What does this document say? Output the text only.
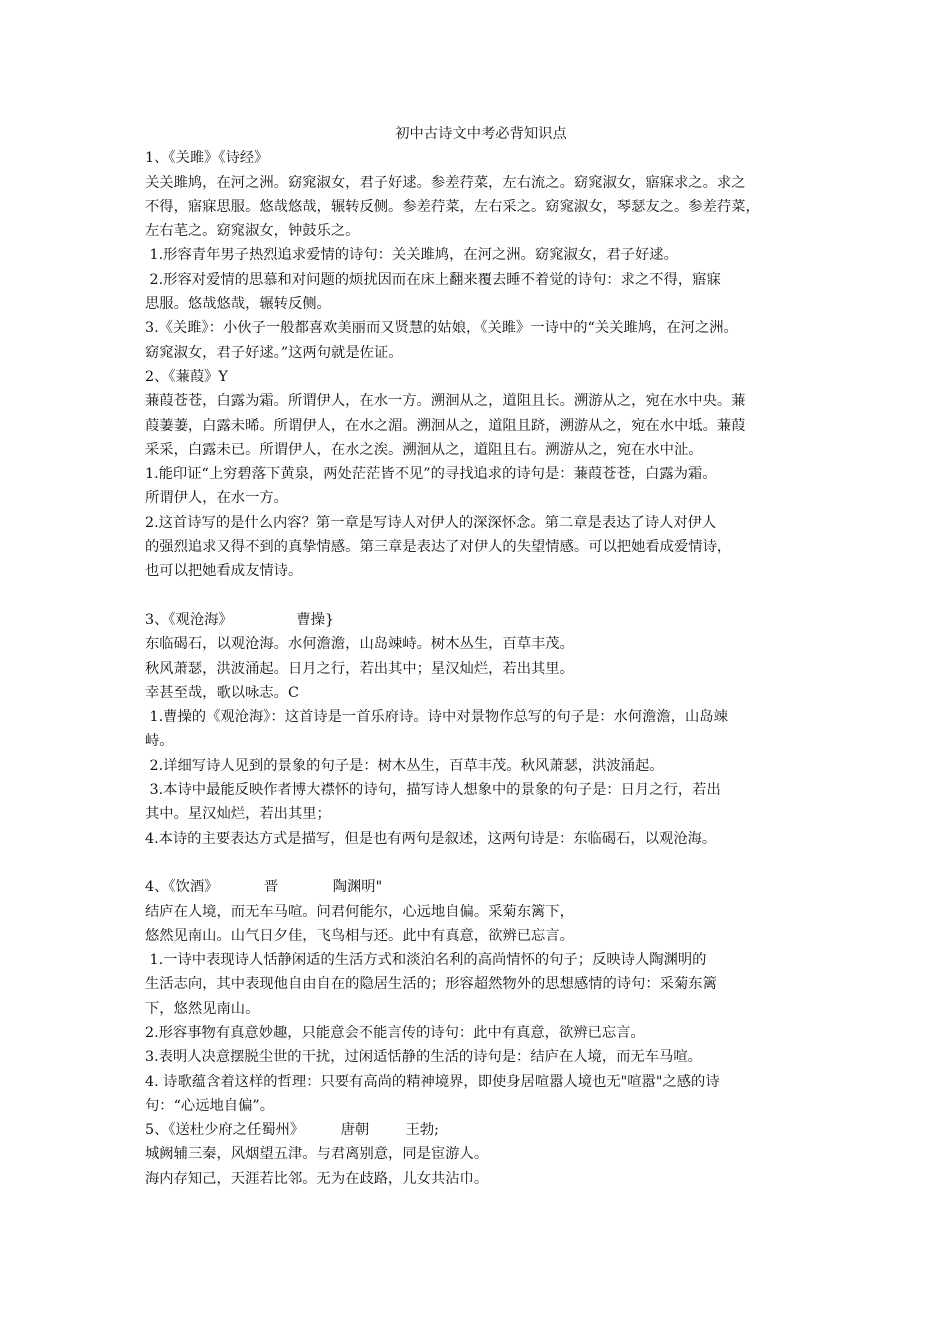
初中古诗文中考必背知识点

1、《关雎》《诗经》

关关雎鸠，在河之洲。窈窕淑女，君子好逑。参差荇菜，左右流之。窈窕淑女，寤寐求之。求之

不得，寤寐思服。悠哉悠哉，辗转反侧。参差荇菜，左右采之。窈窕淑女，琴瑟友之。参差荇菜，

左右芼之。窈窕淑女，钟鼓乐之。

1.形容青年男子热烈追求爱情的诗句：关关雎鸠，在河之洲。窈窕淑女，君子好逑。

2.形容对爱情的思慕和对问题的烦扰因而在床上翻来覆去睡不着觉的诗句：求之不得，寤寐

思服。悠哉悠哉，辗转反侧。

3.《关雎》：小伙子一般都喜欢美丽而又贤慧的姑娘，《关雎》一诗中的“关关雎鸠，在河之洲。

窈窕淑女，君子好逑。”这两句就是佐证。

2、《蒹葭》Y

蒹葭苍苍，白露为霜。所谓伊人，在水一方。溯洄从之，道阻且长。溯游从之，宛在水中央。蒹

葭萋萋，白露未晞。所谓伊人，在水之湄。溯洄从之，道阻且跻，溯游从之，宛在水中坻。蒹葭

采采，白露未已。所谓伊人，在水之涘。溯洄从之，道阻且右。溯游从之，宛在水中沚。

1.能印证“上穷碧落下黄泉，两处茫茫皆不见”的寻找追求的诗句是：蒹葭苍苍，白露为霜。

所谓伊人，在水一方。

2.这首诗写的是什么内容？第一章是写诗人对伊人的深深怀念。第二章是表达了诗人对伊人

的强烈追求又得不到的真挚情感。第三章是表达了对伊人的失望情感。可以把她看成爱情诗，

也可以把她看成友情诗。

3、《观沧海》              曹操}

东临碣石，以观沧海。水何澹澹，山岛竦峙。树木丛生，百草丰茂。

秋风萧瑟，洪波涌起。日月之行，若出其中；星汉灿烂，若出其里。

幸甚至哉，歌以咏志。C

1.曹操的《观沧海》：这首诗是一首乐府诗。诗中对景物作总写的句子是：水何澹澹，山岛竦

峙。

2.详细写诗人见到的景象的句子是：树木丛生，百草丰茂。秋风萧瑟，洪波涌起。

3.本诗中最能反映作者博大襟怀的诗句，描写诗人想象中的景象的句子是：日月之行，若出

其中。星汉灿烂，若出其里；

4.本诗的主要表达方式是描写，但是也有两句是叙述，这两句诗是：东临碣石，以观沧海。

4、《饮酒》          晋            陶渊明"

结庐在人境，而无车马喧。问君何能尔，心远地自偏。采菊东篱下，

悠然见南山。山气日夕佳，飞鸟相与还。此中有真意，欲辨已忘言。

1.一诗中表现诗人恬静闲适的生活方式和淡泊名利的高尚情怀的句子；反映诗人陶渊明的

生活志向，其中表现他自由自在的隐居生活的；形容超然物外的思想感情的诗句：采菊东篱

下，悠然见南山。

2.形容事物有真意妙趣，只能意会不能言传的诗句：此中有真意，欲辨已忘言。

3.表明人决意摆脱尘世的干扰，过闲适恬静的生活的诗句是：结庐在人境，而无车马喧。

4. 诗歌蕴含着这样的哲理：只要有高尚的精神境界，即使身居喧嚣人境也无"喧嚣"之感的诗

句：“心远地自偏”。

5、《送杜少府之任蜀州》        唐朝        王勃;

城阙辅三秦，风烟望五津。与君离别意，同是宦游人。

海内存知己，天涯若比邻。无为在歧路，儿女共沾巾。
